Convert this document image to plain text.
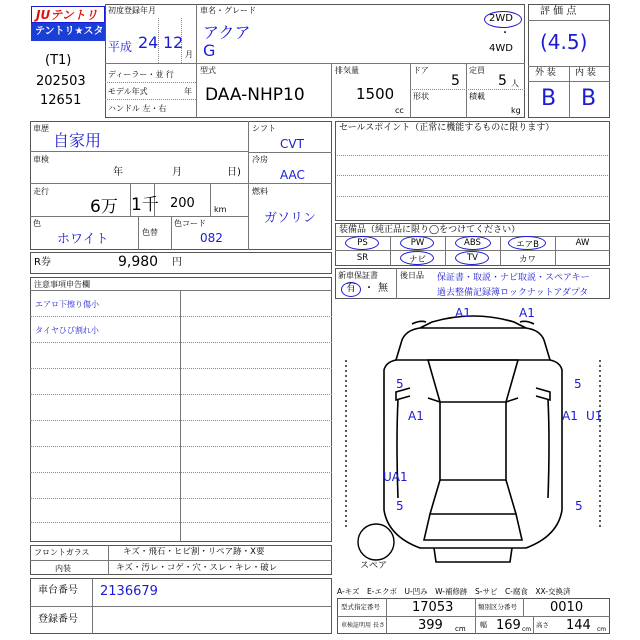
JUテントリ
テントリ★スター
(T1)
202503
12651
初度登録年月
平成 24 12
月
車名・グレード
アクア
G
2WD
・
4WD
ディーラー・並 行
モデル年式	年
ハンドル 左・右
型式
DAA-NHP10
排気量
1500
cc
ドア
5
形状
定員
5 人
積載
kg
評 価 点
(4.5)
外 装 内 装
B B
車歴
自家用
車検
年	月	日)
走行
6万 1千 200 km
色
ホワイト	色替
色コード
082
シフト
CVT
冷房
AAC
燃料
ガソリン
セールスポイント（正常に機能するものに限ります）
装備品（純正品に限り◯をつけてください）
PS	PW	ABS	エアB	AW
SR	ナビ	TV	カワ
新車保証書
有 ・ 無
後日品 保証書・取説・ナビ取説・スペアキー
過去整備記録簿ロックナットアダプタ
R券	9,980 円
注意事項申告欄
エアロ下擦り傷小
タイヤひび割れ小
フロントガラス	キズ・飛石・ヒビ割・リペア跡・X要
内装	キズ・汚レ・コゲ・穴・スレ・キレ・破レ
車台番号 2136679
登録番号
スペア
A1	A1
5	5
A1	A1 U1
UA1
5	5
A-キズ　E-エクボ　U-凹み　W-補修跡　S-サビ　C-腐食　XX-交換済
型式指定番号 17053	類別区分番号	0010
車検証明用 長さ	399 cm 幅 169 cm
高さ 144 cm
